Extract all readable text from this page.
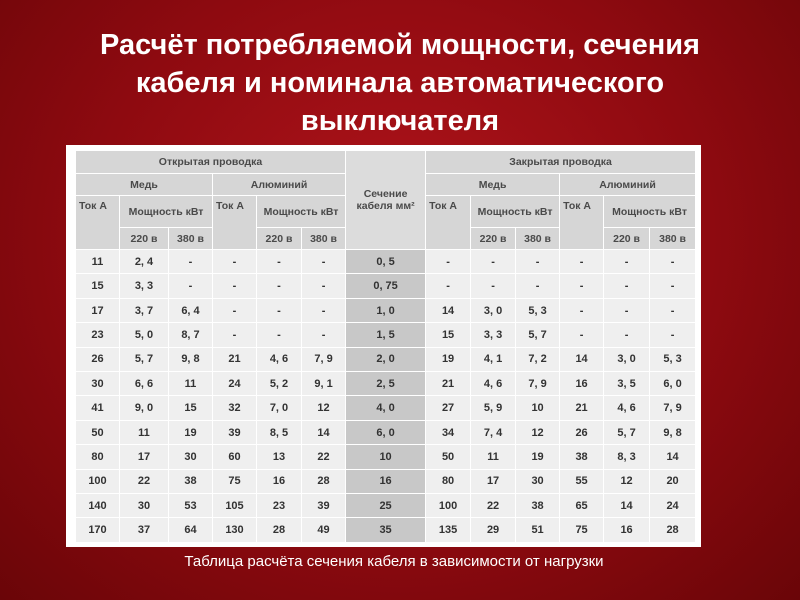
Расчёт потребляемой мощности, сечения
кабеля и номинала автоматического
выключателя
Открытая проводка						Сечение кабеля мм²	Закрытая проводка					
Медь			Алюминий				Медь			Алюминий		
Ток А	Мощность кВт		Ток А	Мощность кВт			Ток А	Мощность кВт		Ток А	Мощность кВт	
	220 в	380 в		220 в	380 в			220 в	380 в		220 в	380 в
11	2, 4	-	-	-	-	0, 5	-	-	-	-	-	-
15	3, 3	-	-	-	-	0, 75	-	-	-	-	-	-
17	3, 7	6, 4	-	-	-	1, 0	14	3, 0	5, 3	-	-	-
23	5, 0	8, 7	-	-	-	1, 5	15	3, 3	5, 7	-	-	-
26	5, 7	9, 8	21	4, 6	7, 9	2, 0	19	4, 1	7, 2	14	3, 0	5, 3
30	6, 6	11	24	5, 2	9, 1	2, 5	21	4, 6	7, 9	16	3, 5	6, 0
41	9, 0	15	32	7, 0	12	4, 0	27	5, 9	10	21	4, 6	7, 9
50	11	19	39	8, 5	14	6, 0	34	7, 4	12	26	5, 7	9, 8
80	17	30	60	13	22	10	50	11	19	38	8, 3	14
100	22	38	75	16	28	16	80	17	30	55	12	20
140	30	53	105	23	39	25	100	22	38	65	14	24
170	37	64	130	28	49	35	135	29	51	75	16	28
Таблица расчёта сечения кабеля в зависимости от нагрузки
